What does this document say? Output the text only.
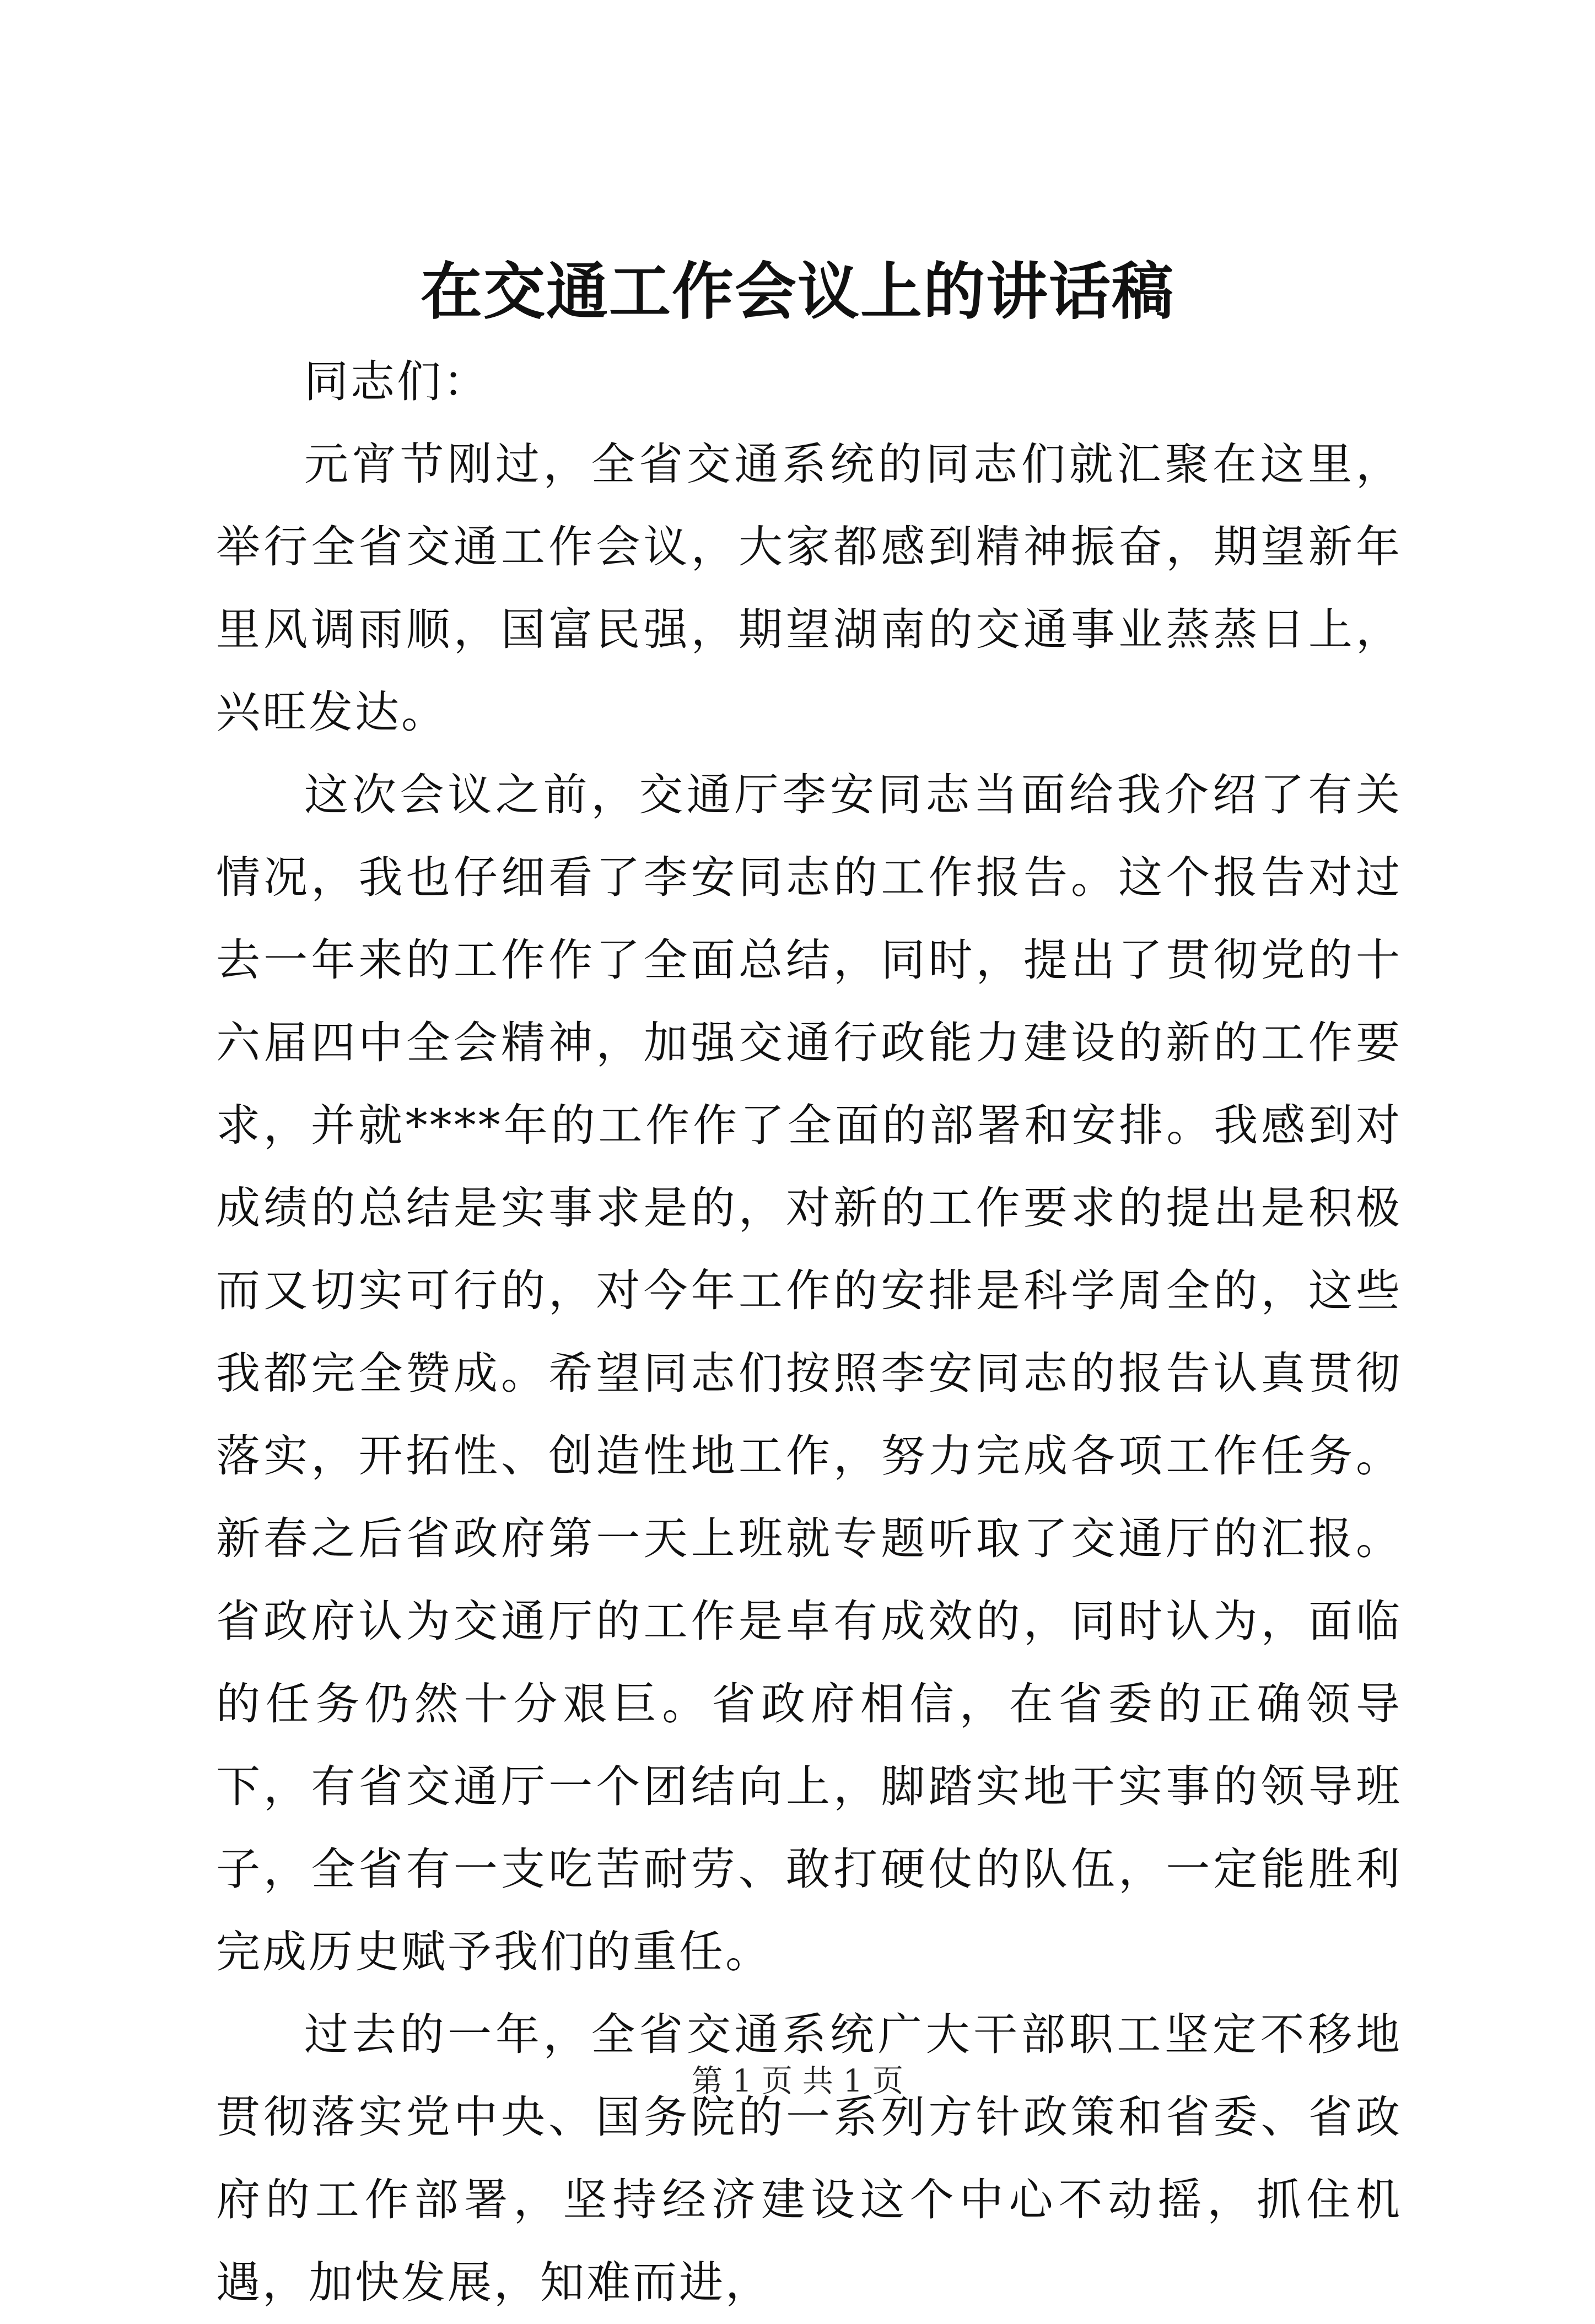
在交通工作会议上的讲话稿

同志们：

元宵节刚过，全省交通系统的同志们就汇聚在这里，举行全省交通工作会议，大家都感到精神振奋，期望新年里风调雨顺，国富民强，期望湖南的交通事业蒸蒸日上，兴旺发达。

这次会议之前，交通厅李安同志当面给我介绍了有关情况，我也仔细看了李安同志的工作报告。这个报告对过去一年来的工作作了全面总结，同时，提出了贯彻党的十六届四中全会精神，加强交通行政能力建设的新的工作要求，并就****年的工作作了全面的部署和安排。我感到对成绩的总结是实事求是的，对新的工作要求的提出是积极而又切实可行的，对今年工作的安排是科学周全的，这些我都完全赞成。希望同志们按照李安同志的报告认真贯彻落实，开拓性、创造性地工作，努力完成各项工作任务。新春之后省政府第一天上班就专题听取了交通厅的汇报。省政府认为交通厅的工作是卓有成效的，同时认为，面临的任务仍然十分艰巨。省政府相信，在省委的正确领导下，有省交通厅一个团结向上，脚踏实地干实事的领导班子，全省有一支吃苦耐劳、敢打硬仗的队伍，一定能胜利完成历史赋予我们的重任。

过去的一年，全省交通系统广大干部职工坚定不移地贯彻落实党中央、国务院的一系列方针政策和省委、省政府的工作部署，坚持经济建设这个中心不动摇，抓住机遇，加快发展，知难而进，

第 1 页 共 1 页
